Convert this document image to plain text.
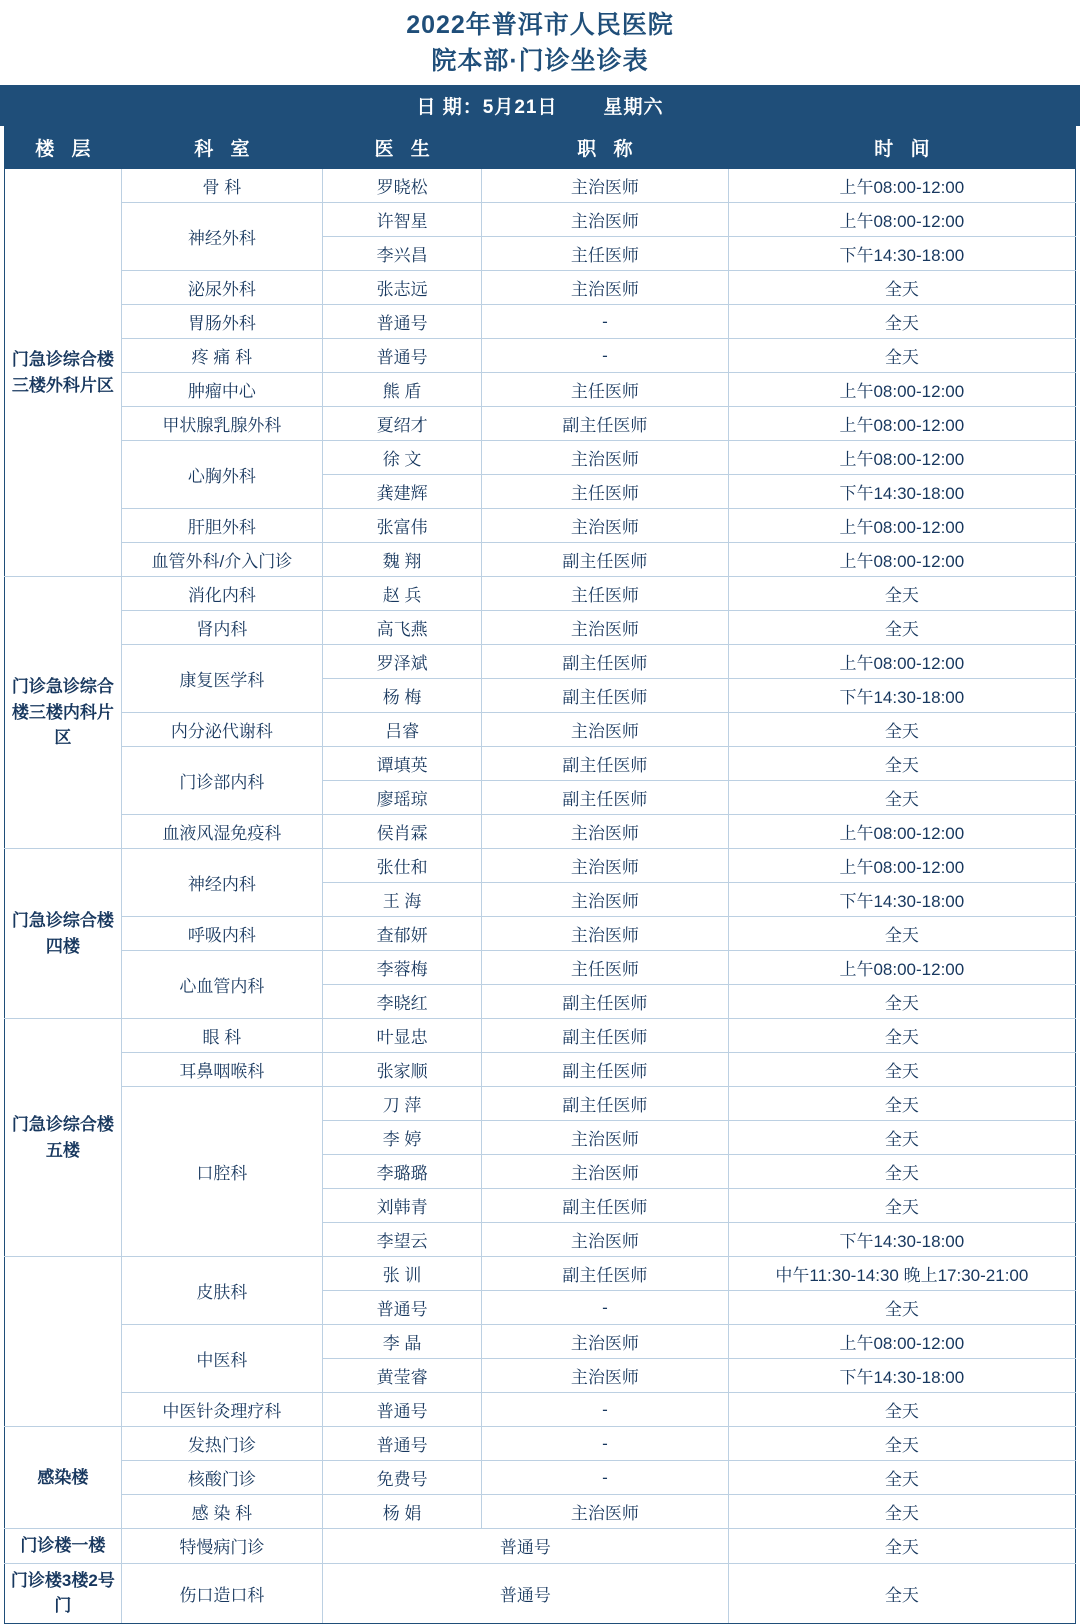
2022年普洱市人民医院
院本部·门诊坐诊表
日 期：5月21日 星期六
楼 层	科 室	医 生	职 称	时 间
门急诊综合楼三楼外科片区	骨 科	罗晓松	主治医师	上午08:00-12:00
	神经外科	许智星	主治医师	上午08:00-12:00
		李兴昌	主任医师	下午14:30-18:00
	泌尿外科	张志远	主治医师	全天
	胃肠外科	普通号	-	全天
	疼 痛 科	普通号	-	全天
	肿瘤中心	熊 盾	主任医师	上午08:00-12:00
	甲状腺乳腺外科	夏绍才	副主任医师	上午08:00-12:00
	心胸外科	徐 文	主治医师	上午08:00-12:00
		龚建辉	主任医师	下午14:30-18:00
	肝胆外科	张富伟	主治医师	上午08:00-12:00
	血管外科/介入门诊	魏 翔	副主任医师	上午08:00-12:00
门诊急诊综合楼三楼内科片区	消化内科	赵 兵	主任医师	全天
	肾内科	高飞燕	主治医师	全天
	康复医学科	罗泽斌	副主任医师	上午08:00-12:00
		杨 梅	副主任医师	下午14:30-18:00
	内分泌代谢科	吕睿	主治医师	全天
	门诊部内科	谭填英	副主任医师	全天
		廖瑶琼	副主任医师	全天
	血液风湿免疫科	侯肖霖	主治医师	上午08:00-12:00
门急诊综合楼四楼	神经内科	张仕和	主治医师	上午08:00-12:00
		王 海	主治医师	下午14:30-18:00
	呼吸内科	查郁妍	主治医师	全天
	心血管内科	李蓉梅	主任医师	上午08:00-12:00
		李晓红	副主任医师	全天
门急诊综合楼五楼	眼 科	叶显忠	副主任医师	全天
	耳鼻咽喉科	张家顺	副主任医师	全天
	口腔科	刀 萍	副主任医师	全天
		李 婷	主治医师	全天
		李璐璐	主治医师	全天
		刘韩青	副主任医师	全天
		李望云	主治医师	下午14:30-18:00
	皮肤科	张 训	副主任医师	中午11:30-14:30 晚上17:30-21:00
		普通号	-	全天
	中医科	李 晶	主治医师	上午08:00-12:00
		黄莹睿	主治医师	下午14:30-18:00
	中医针灸理疗科	普通号	-	全天
感染楼	发热门诊	普通号	-	全天
	核酸门诊	免费号	-	全天
	感 染 科	杨 娟	主治医师	全天
门诊楼一楼	特慢病门诊	普通号		全天
门诊楼3楼2号门	伤口造口科	普通号		全天
